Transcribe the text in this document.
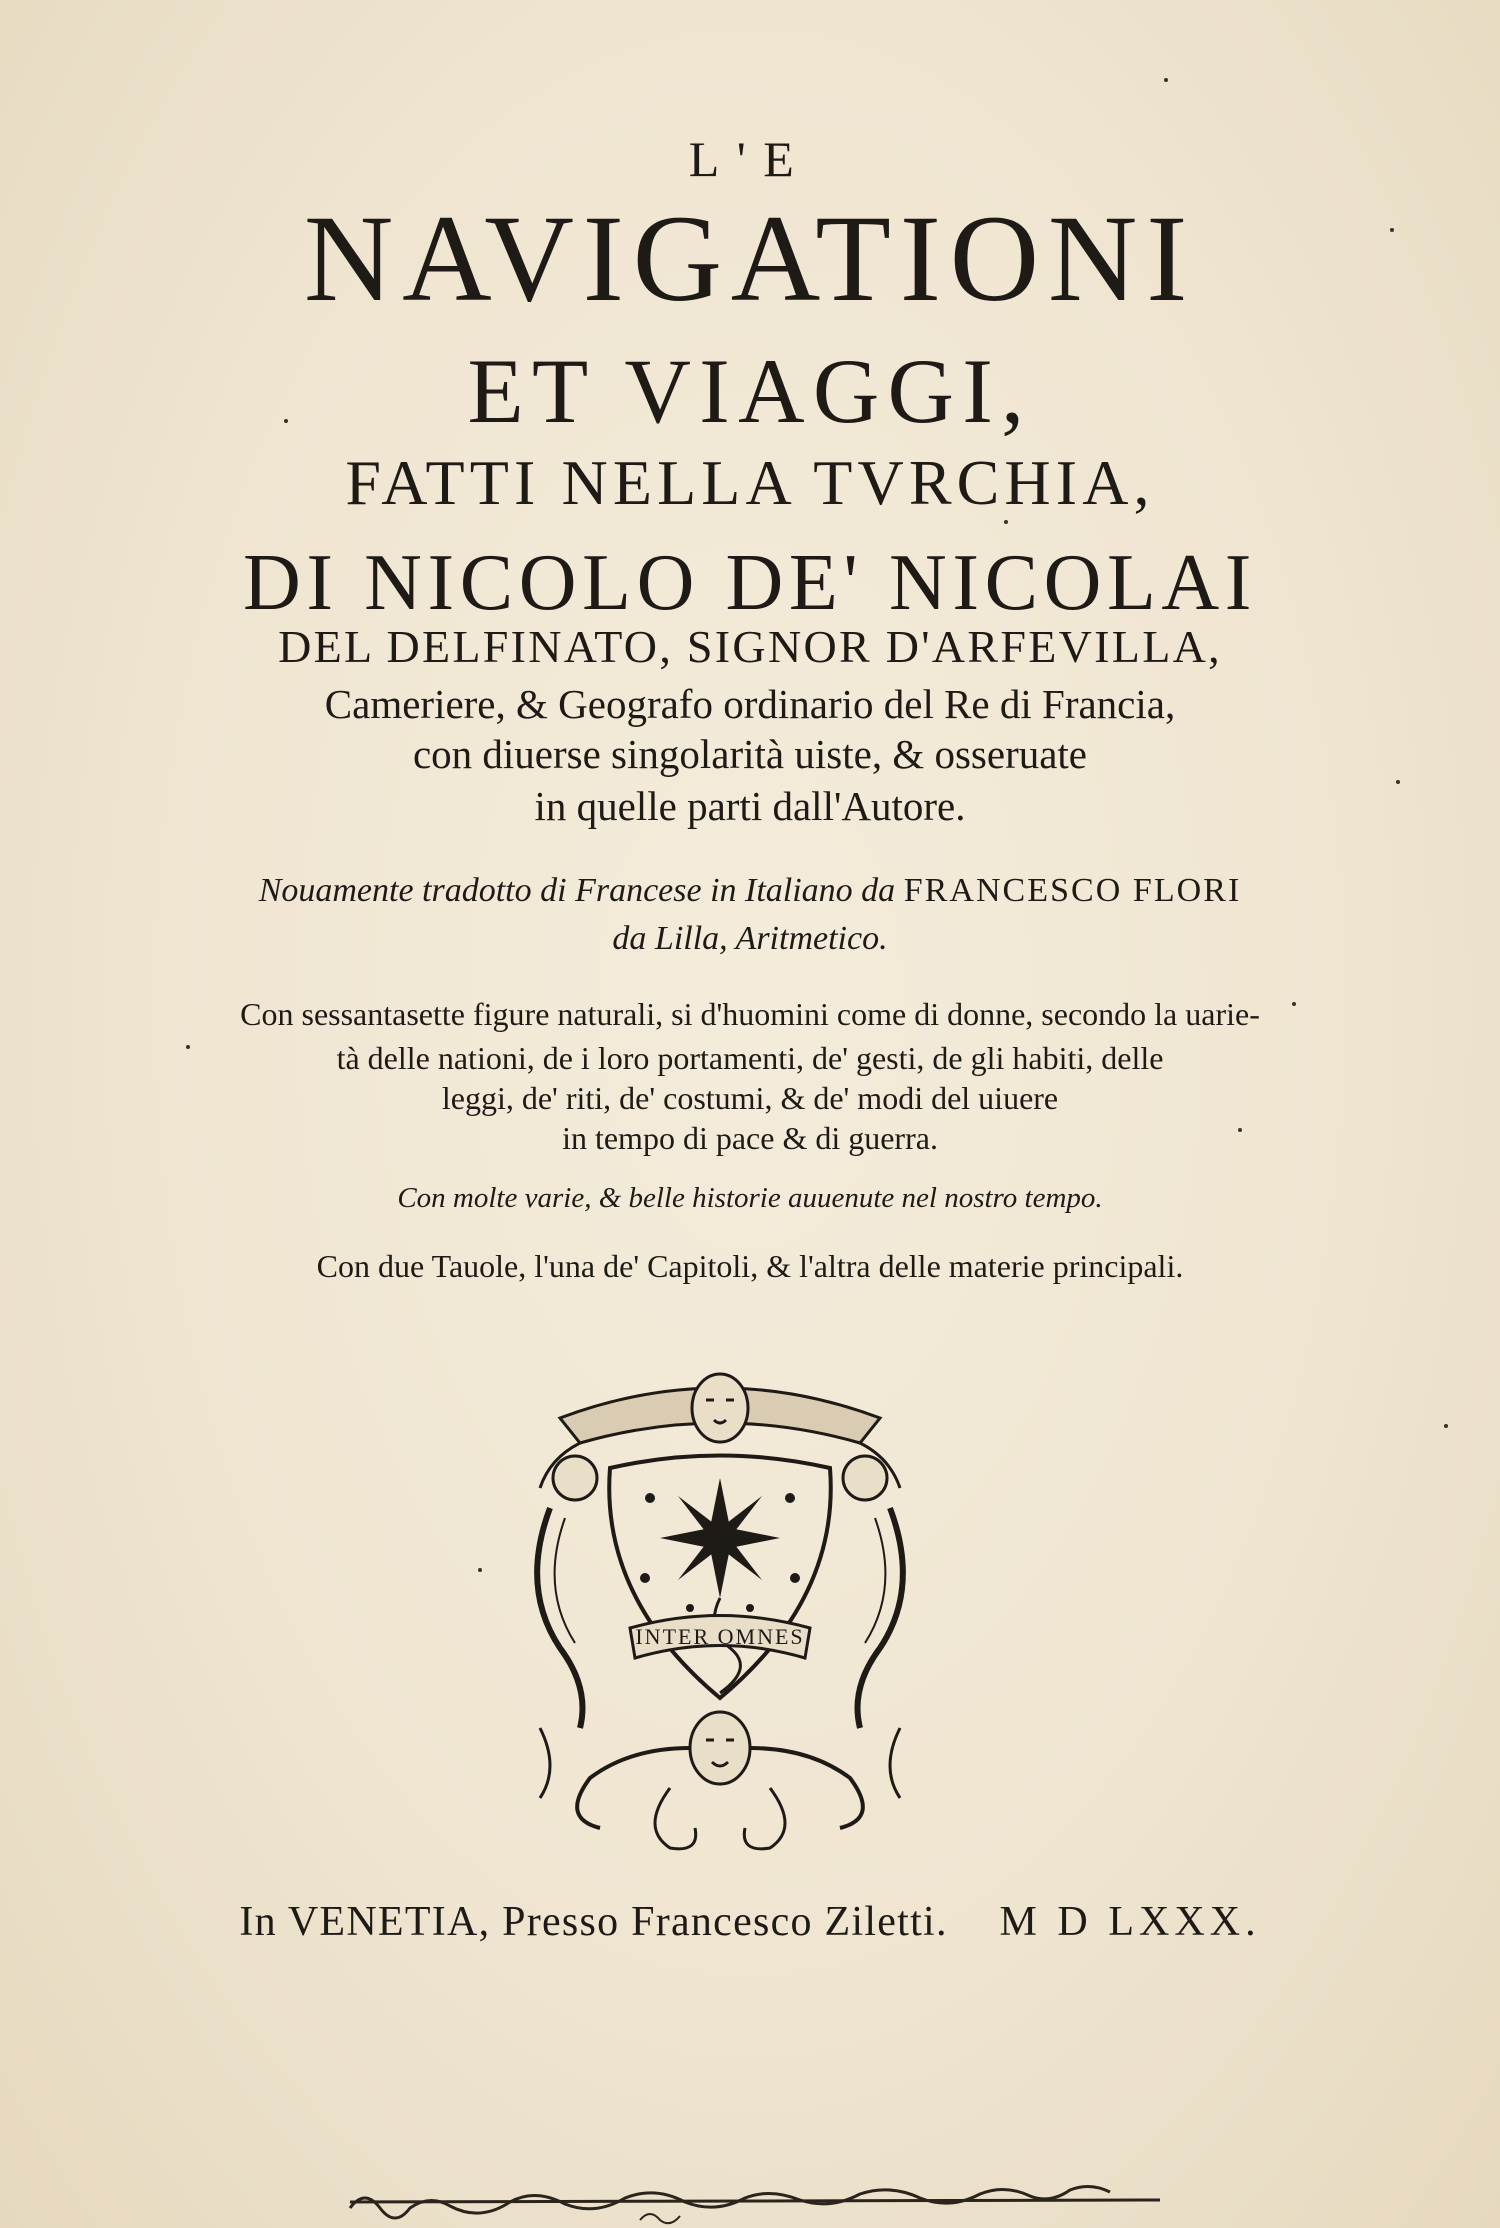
L'E
NAVIGATIONI
ET VIAGGI,
FATTI NELLA TVRCHIA,
DI NICOLO DE' NICOLAI
DEL DELFINATO, SIGNOR D'ARFEVILLA,
Cameriere, & Geografo ordinario del Re di Francia,
con diuerse singolarità uiste, & osseruate
in quelle parti dall'Autore.
Nouamente tradotto di Francese in Italiano da FRANCESCO FLORI
da Lilla, Aritmetico.
Con sessantasette figure naturali, si d'huomini come di donne, secondo la uarie-
tà delle nationi, de i loro portamenti, de' gesti, de gli habiti, delle
leggi, de' riti, de' costumi, & de' modi del uiuere
in tempo di pace & di guerra.
Con molte varie, & belle historie auuenute nel nostro tempo.
Con due Tauole, l'una de' Capitoli, & l'altra delle materie principali.
INTER OMNES
In VENETIA, Presso Francesco Ziletti. M D LXXX.
